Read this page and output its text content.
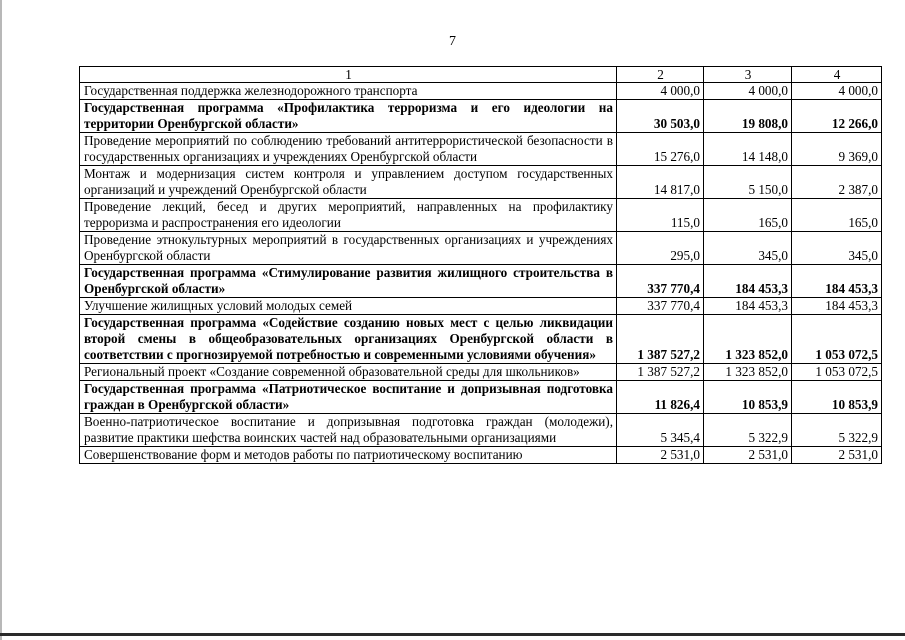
7
1	2	3	4
Государственная поддержка железнодорожного транспорта	4 000,0	4 000,0	4 000,0
Государственная программа «Профилактика терроризма и его идеологии на территории Оренбургской области»	30 503,0	19 808,0	12 266,0
Проведение мероприятий по соблюдению требований антитеррористической безопасности в государственных организациях и учреждениях Оренбургской области	15 276,0	14 148,0	9 369,0
Монтаж и модернизация систем контроля и управлением доступом государственных организаций и учреждений Оренбургской области	14 817,0	5 150,0	2 387,0
Проведение лекций, бесед и других мероприятий, направленных на профилактику терроризма и распространения его идеологии	115,0	165,0	165,0
Проведение этнокультурных мероприятий в государственных организациях и учреждениях Оренбургской области	295,0	345,0	345,0
Государственная программа «Стимулирование развития жилищного строительства в Оренбургской области»	337 770,4	184 453,3	184 453,3
Улучшение жилищных условий молодых семей	337 770,4	184 453,3	184 453,3
Государственная программа «Содействие созданию новых мест с целью ликвидации второй смены в общеобразовательных организациях Оренбургской области в соответствии с прогнозируемой потребностью и современными условиями обучения»	1 387 527,2	1 323 852,0	1 053 072,5
Региональный проект «Создание современной образовательной среды для школьников»	1 387 527,2	1 323 852,0	1 053 072,5
Государственная программа «Патриотическое воспитание и допризывная подготовка граждан в Оренбургской области»	11 826,4	10 853,9	10 853,9
Военно-патриотическое воспитание и допризывная подготовка граждан (молодежи), развитие практики шефства воинских частей над образовательными организациями	5 345,4	5 322,9	5 322,9
Совершенствование форм и методов работы по патриотическому воспитанию	2 531,0	2 531,0	2 531,0
